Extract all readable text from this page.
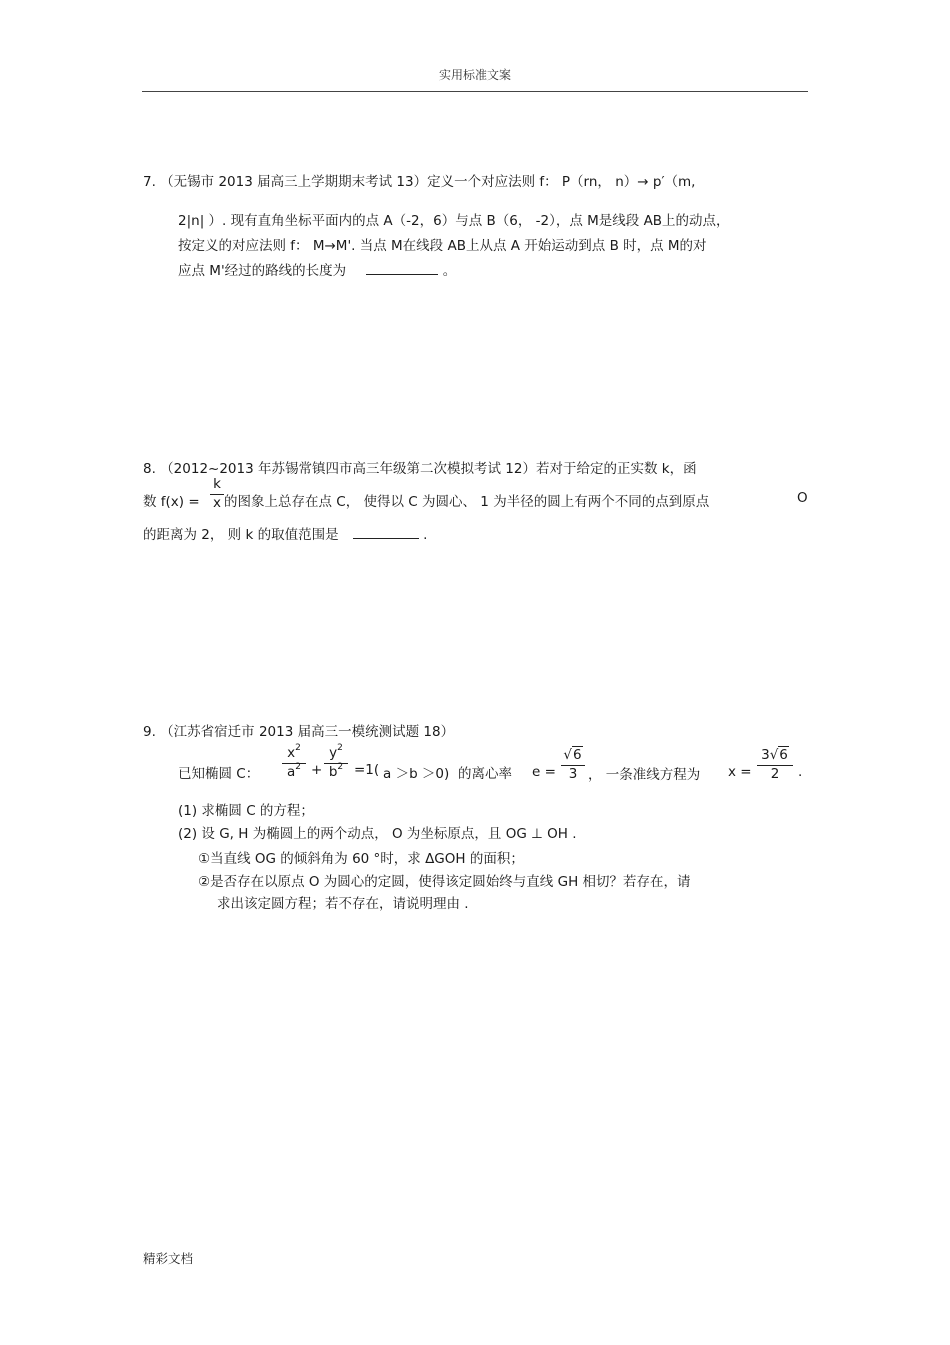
实用标准文案
7. （无锡市 2013 届高三上学期期末考试 13）定义一个对应法则 f： P（rn， n）→ p′（m,
2|n| ）. 现有直角坐标平面内的点 A（-2，6）与点 B（6， -2），点 M是线段 AB上的动点，
按定义的对应法则 f： M→M'. 当点 M在线段 AB上从点 A 开始运动到点 B 时，点 M的对
应点 M'经过的路线的长度为	。
8. （2012~2013 年苏锡常镇四市高三年级第二次模拟考试 12）若对于给定的正实数 k，函
数 f(x) =
k
x 的图象上总存在点 C， 使得以 C 为圆心、 1 为半径的圆上有两个不同的点到原点	O
的距离为 2， 则 k 的取值范围是	.
9. （江苏省宿迁市 2013 届高三一模统测试题 18）
已知椭圆 C：
$x^2$
$a^2$ +
$y^2$
$b^2 =1$( a ＞b ＞0) 的离心率 e =
√6
3 ， 一条准线方程为 x =
3√6
2	.
(1) 求椭圆 C 的方程；
(2) 设 G, H 为椭圆上的两个动点， O 为坐标原点，且 OG ⊥ OH .
①当直线 OG 的倾斜角为 60 °时，求 ΔGOH 的面积；
②是否存在以原点 O 为圆心的定圆，使得该定圆始终与直线 GH 相切？若存在，请
求出该定圆方程；若不存在，请说明理由 .
精彩文档
